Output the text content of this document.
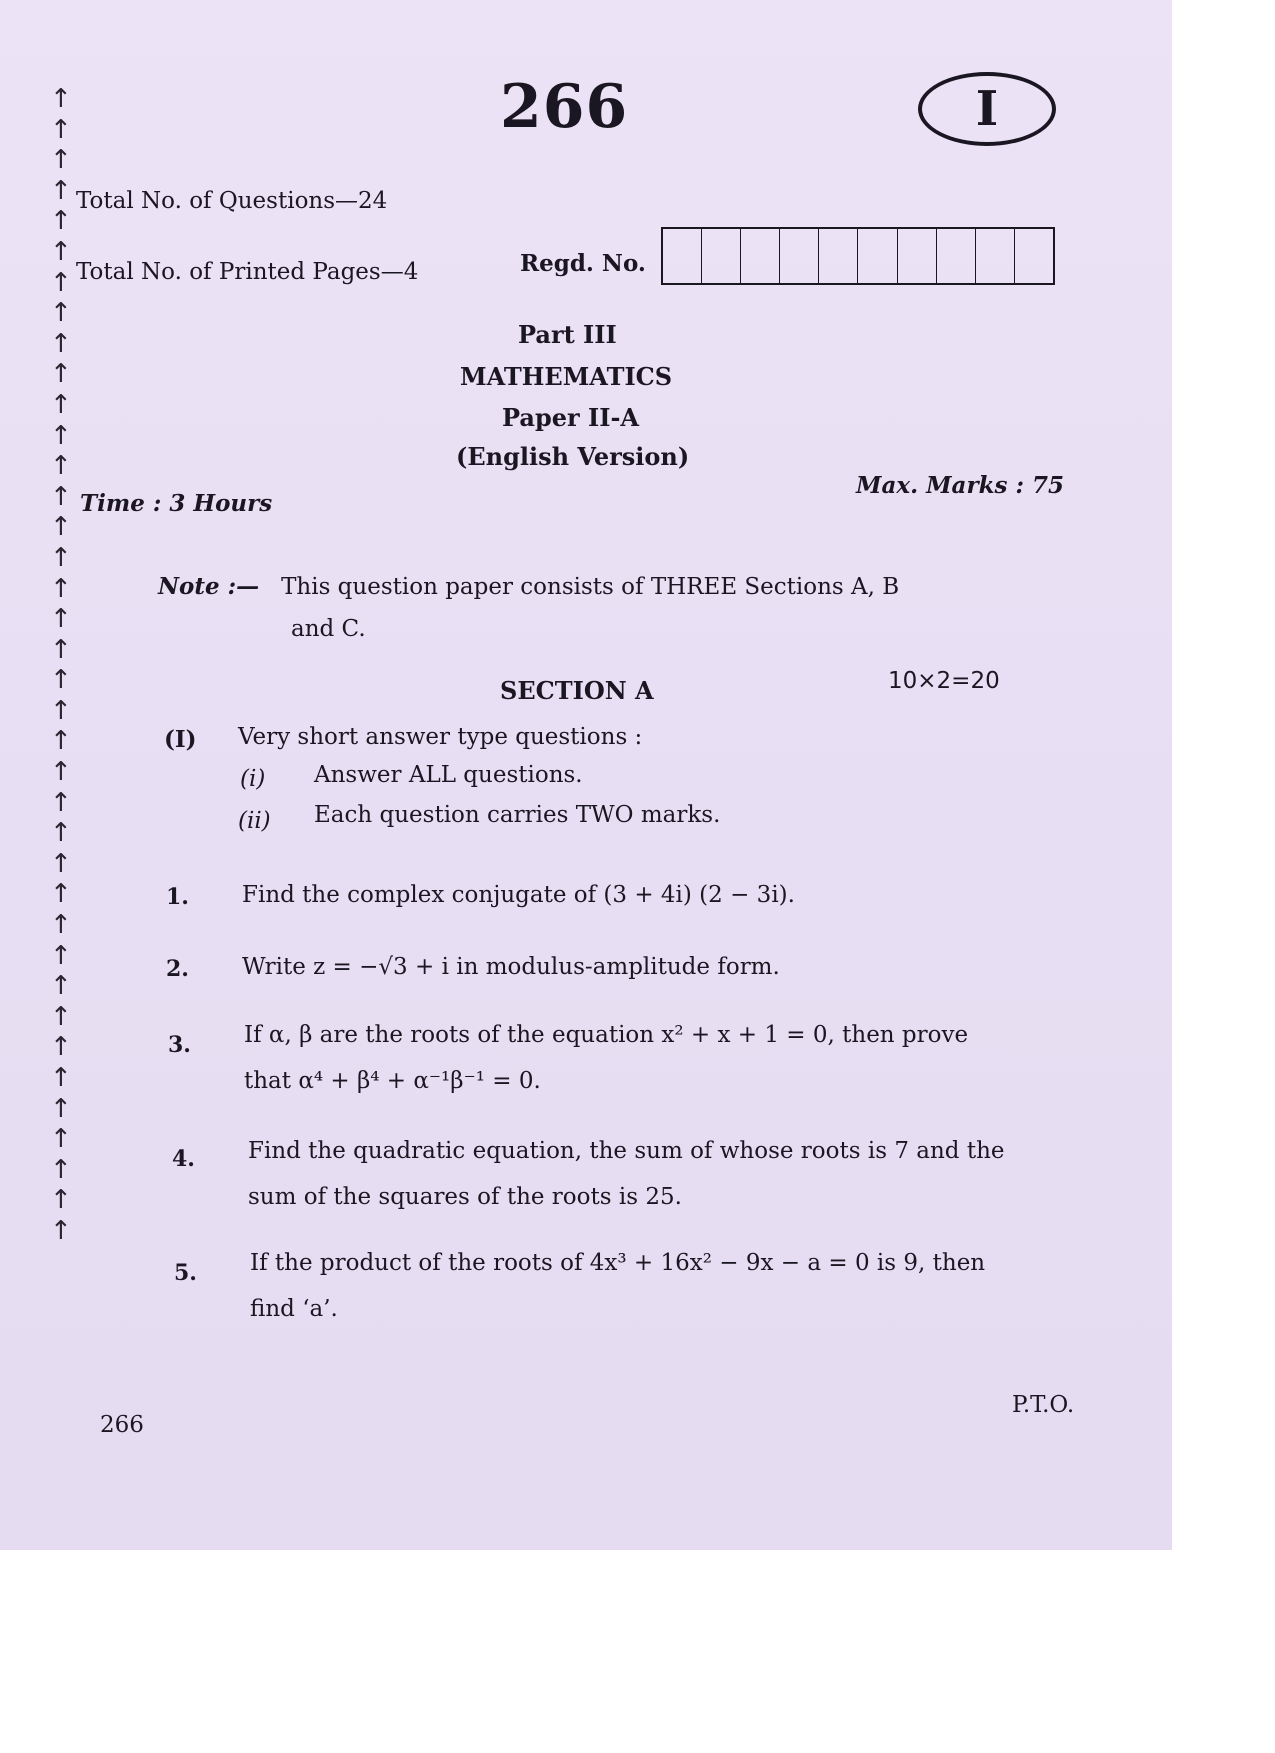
↑
↑
↑
↑
↑
↑
↑
↑
↑
↑
↑
↑
↑
↑
↑
↑
↑
↑
↑
↑
↑
↑
↑
↑
↑
↑
↑
↑
↑
↑
↑
↑
↑
↑
↑
↑
↑
↑
266	I
Total No. of Questions—24
Total No. of Printed Pages—4	Regd. No.
Part III
MATHEMATICS
Paper II-A
(English Version)
Time : 3 Hours
Max. Marks : 75
Note :— This question paper consists of THREE Sections A, B
and C.
SECTION A	10×2=20
(I) Very short answer type questions :
(i) Answer ALL questions.
(ii) Each question carries TWO marks.
1. Find the complex conjugate of (3 + 4i) (2 − 3i).
2. Write z = −√3 + i in modulus-amplitude form.
3. If α, β are the roots of the equation x² + x + 1 = 0, then prove that α⁴ + β⁴ + α⁻¹β⁻¹ = 0.
4. Find the quadratic equation, the sum of whose roots is 7 and the sum of the squares of the roots is 25.
5. If the product of the roots of 4x³ + 16x² − 9x − a = 0 is 9, then find ‘a’.
266
P.T.O.
